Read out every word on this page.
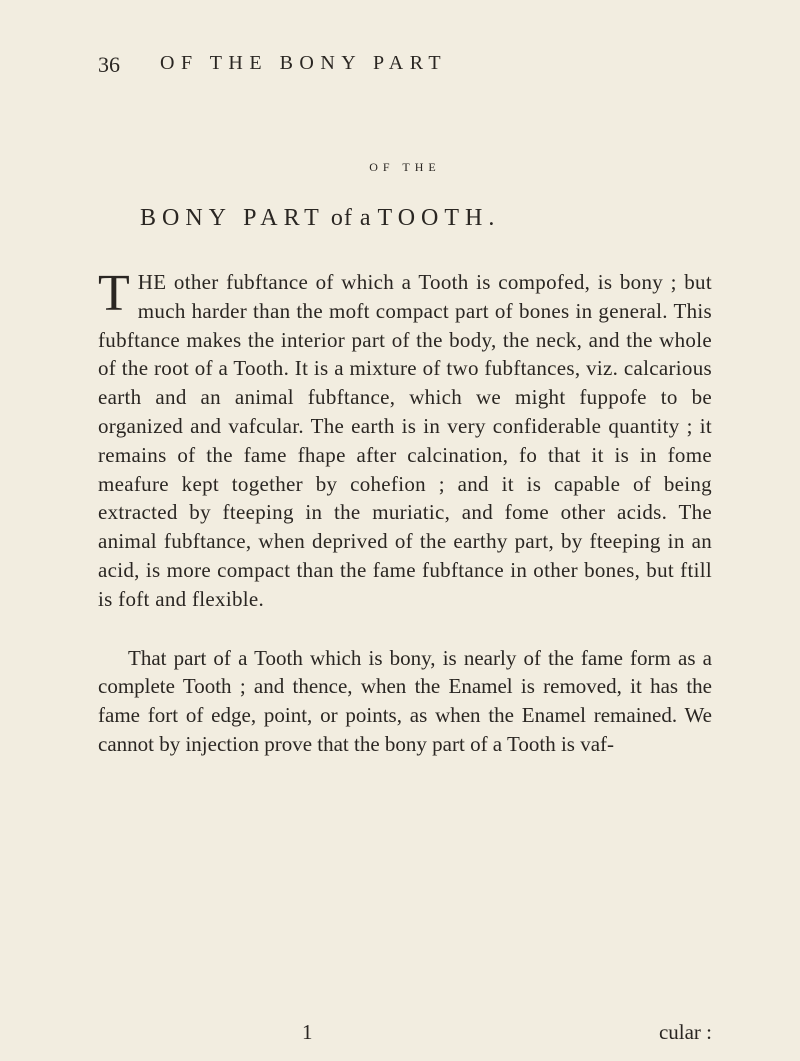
36 OF THE BONY PART
OF THE
BONY PART of a TOOTH.

THE other fubftance of which a Tooth is compofed, is bony ; but much harder than the moft compact part of bones in general. This fubftance makes the interior part of the body, the neck, and the whole of the root of a Tooth. It is a mixture of two fubftances, viz. calcarious earth and an animal fubftance, which we might fuppofe to be organized and vafcular. The earth is in very confiderable quantity ; it remains of the fame fhape after calcination, fo that it is in fome meafure kept together by cohefion ; and it is capable of being extracted by fteeping in the muriatic, and fome other acids. The animal fubftance, when deprived of the earthy part, by fteeping in an acid, is more compact than the fame fubftance in other bones, but ftill is foft and flexible.

That part of a Tooth which is bony, is nearly of the fame form as a complete Tooth ; and thence, when the Enamel is removed, it has the fame fort of edge, point, or points, as when the Enamel remained. We cannot by injection prove that the bony part of a Tooth is vaf-

1	cular :
